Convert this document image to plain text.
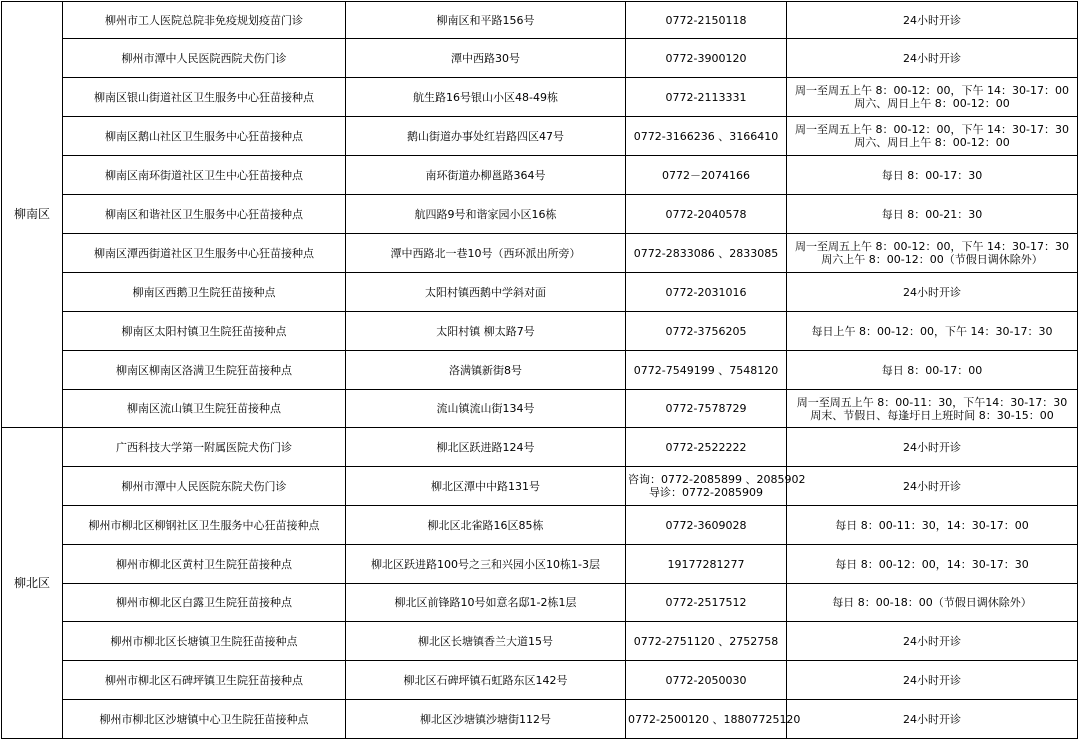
柳南区	柳州市工人医院总院非免疫规划疫苗门诊	柳南区和平路156号	0772-2150118	24小时开诊

	柳州市潭中人民医院西院犬伤门诊	潭中西路30号	0772-3900120	24小时开诊

	柳南区银山街道社区卫生服务中心狂苗接种点	航生路16号银山小区48-49栋	0772-2113331	周一至周五上午 8：00-12：00，下午 14：30-17：00
周六、周日上午 8：00-12：00

	柳南区鹅山社区卫生服务中心狂苗接种点	鹅山街道办事处红岩路四区47号	0772-3166236 、3166410	周一至周五上午 8：00-12：00，下午 14：30-17：30
周六、周日上午 8：00-12：00

	柳南区南环街道社区卫生中心狂苗接种点	南环街道办柳邕路364号	0772－2074166	每日 8：00-17：30

	柳南区和谐社区卫生服务中心狂苗接种点	航四路9号和谐家园小区16栋	0772-2040578	每日 8：00-21：30

	柳南区潭西街道社区卫生服务中心狂苗接种点	潭中西路北一巷10号（西环派出所旁）	0772-2833086 、2833085	周一至周五上午 8：00-12：00，下午 14：30-17：30
周六上午 8：00-12：00（节假日调休除外）

	柳南区西鹅卫生院狂苗接种点	太阳村镇西鹅中学斜对面	0772-2031016	24小时开诊

	柳南区太阳村镇卫生院狂苗接种点	太阳村镇 柳太路7号	0772-3756205	每日上午 8：00-12：00，下午 14：30-17：30

	柳南区柳南区洛满卫生院狂苗接种点	洛满镇新街8号	0772-7549199 、7548120	每日 8：00-17：00

	柳南区流山镇卫生院狂苗接种点	流山镇流山街134号	0772-7578729	周一至周五上午 8：00-11：30，下午14：30-17：30
周末、节假日、每逢圩日上班时间 8：30-15：00

柳北区	广西科技大学第一附属医院犬伤门诊	柳北区跃进路124号	0772-2522222	24小时开诊

	柳州市潭中人民医院东院犬伤门诊	柳北区潭中中路131号	咨询：0772-2085899 、2085902
导诊：0772-2085909	24小时开诊

	柳州市柳北区柳钢社区卫生服务中心狂苗接种点	柳北区北雀路16区85栋	0772-3609028	每日 8：00-11：30，14：30-17：00

	柳州市柳北区黄村卫生院狂苗接种点	柳北区跃进路100号之三和兴园小区10栋1-3层	19177281277	每日 8：00-12：00，14：30-17：30

	柳州市柳北区白露卫生院狂苗接种点	柳北区前锋路10号如意名邸1-2栋1层	0772-2517512	每日 8：00-18：00（节假日调休除外）

	柳州市柳北区长塘镇卫生院狂苗接种点	柳北区长塘镇香兰大道15号	0772-2751120 、2752758	24小时开诊

	柳州市柳北区石碑坪镇卫生院狂苗接种点	柳北区石碑坪镇石虹路东区142号	0772-2050030	24小时开诊

	柳州市柳北区沙塘镇中心卫生院狂苗接种点	柳北区沙塘镇沙塘街112号	0772-2500120 、18807725120	24小时开诊
